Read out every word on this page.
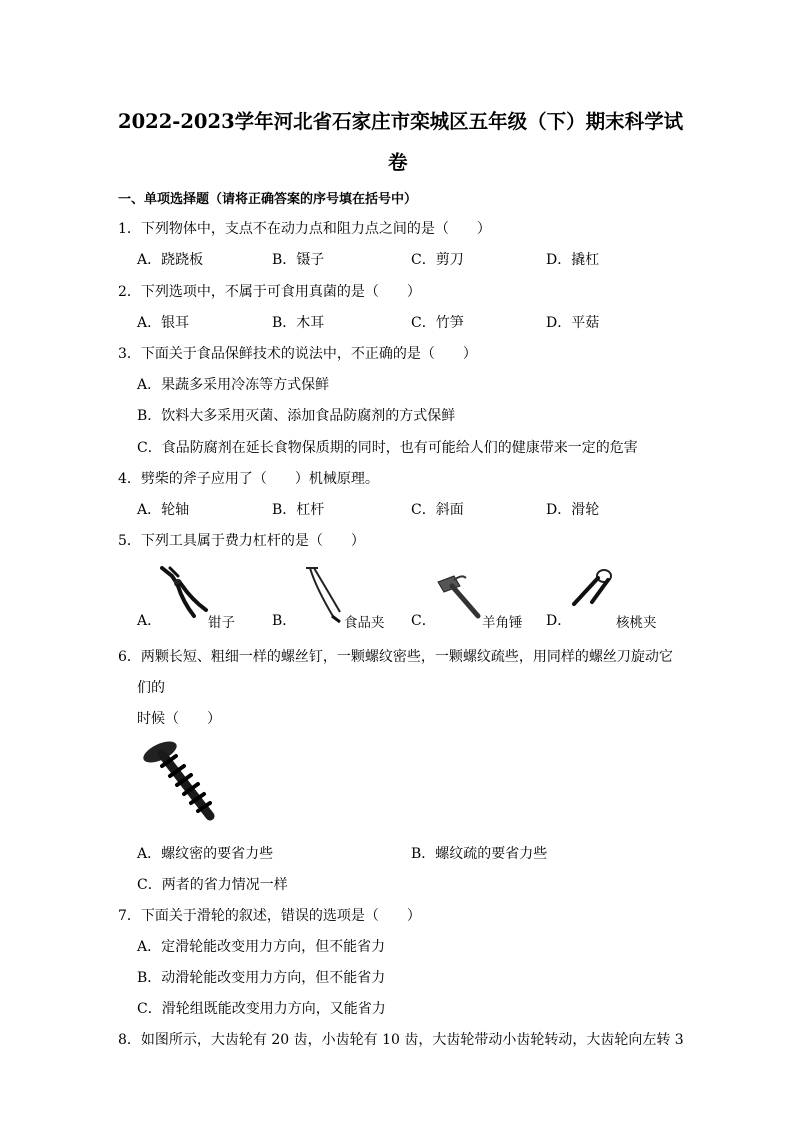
2022-2023学年河北省石家庄市栾城区五年级（下）期末科学试
卷
一、单项选择题（请将正确答案的序号填在括号中）
1．下列物体中，支点不在动力点和阻力点之间的是（　　）
A．跷跷板	B．镊子	C．剪刀	D．撬杠
2．下列选项中，不属于可食用真菌的是（　　）
A．银耳	B．木耳	C．竹笋	D．平菇
3．下面关于食品保鲜技术的说法中，不正确的是（　　）
A．果蔬多采用冷冻等方式保鲜
B．饮料大多采用灭菌、添加食品防腐剂的方式保鲜
C．食品防腐剂在延长食物保质期的同时，也有可能给人们的健康带来一定的危害
4．劈柴的斧子应用了（　　）机械原理。
A．轮轴	B．杠杆	C．斜面	D．滑轮
5．下列工具属于费力杠杆的是（　　）
A．	钳子	B．	食品夹 C．	羊角锤 D．	核桃夹
6．两颗长短、粗细一样的螺丝钉，一颗螺纹密些，一颗螺纹疏些，用同样的螺丝刀旋动它
们的
时候（　　）
A．螺纹密的要省力些	B．螺纹疏的要省力些
C．两者的省力情况一样
7．下面关于滑轮的叙述，错误的选项是（　　）
A．定滑轮能改变用力方向，但不能省力
B．动滑轮能改变用力方向，但不能省力
C．滑轮组既能改变用力方向，又能省力
8．如图所示，大齿轮有 20 齿，小齿轮有 10 齿，大齿轮带动小齿轮转动，大齿轮向左转 3
